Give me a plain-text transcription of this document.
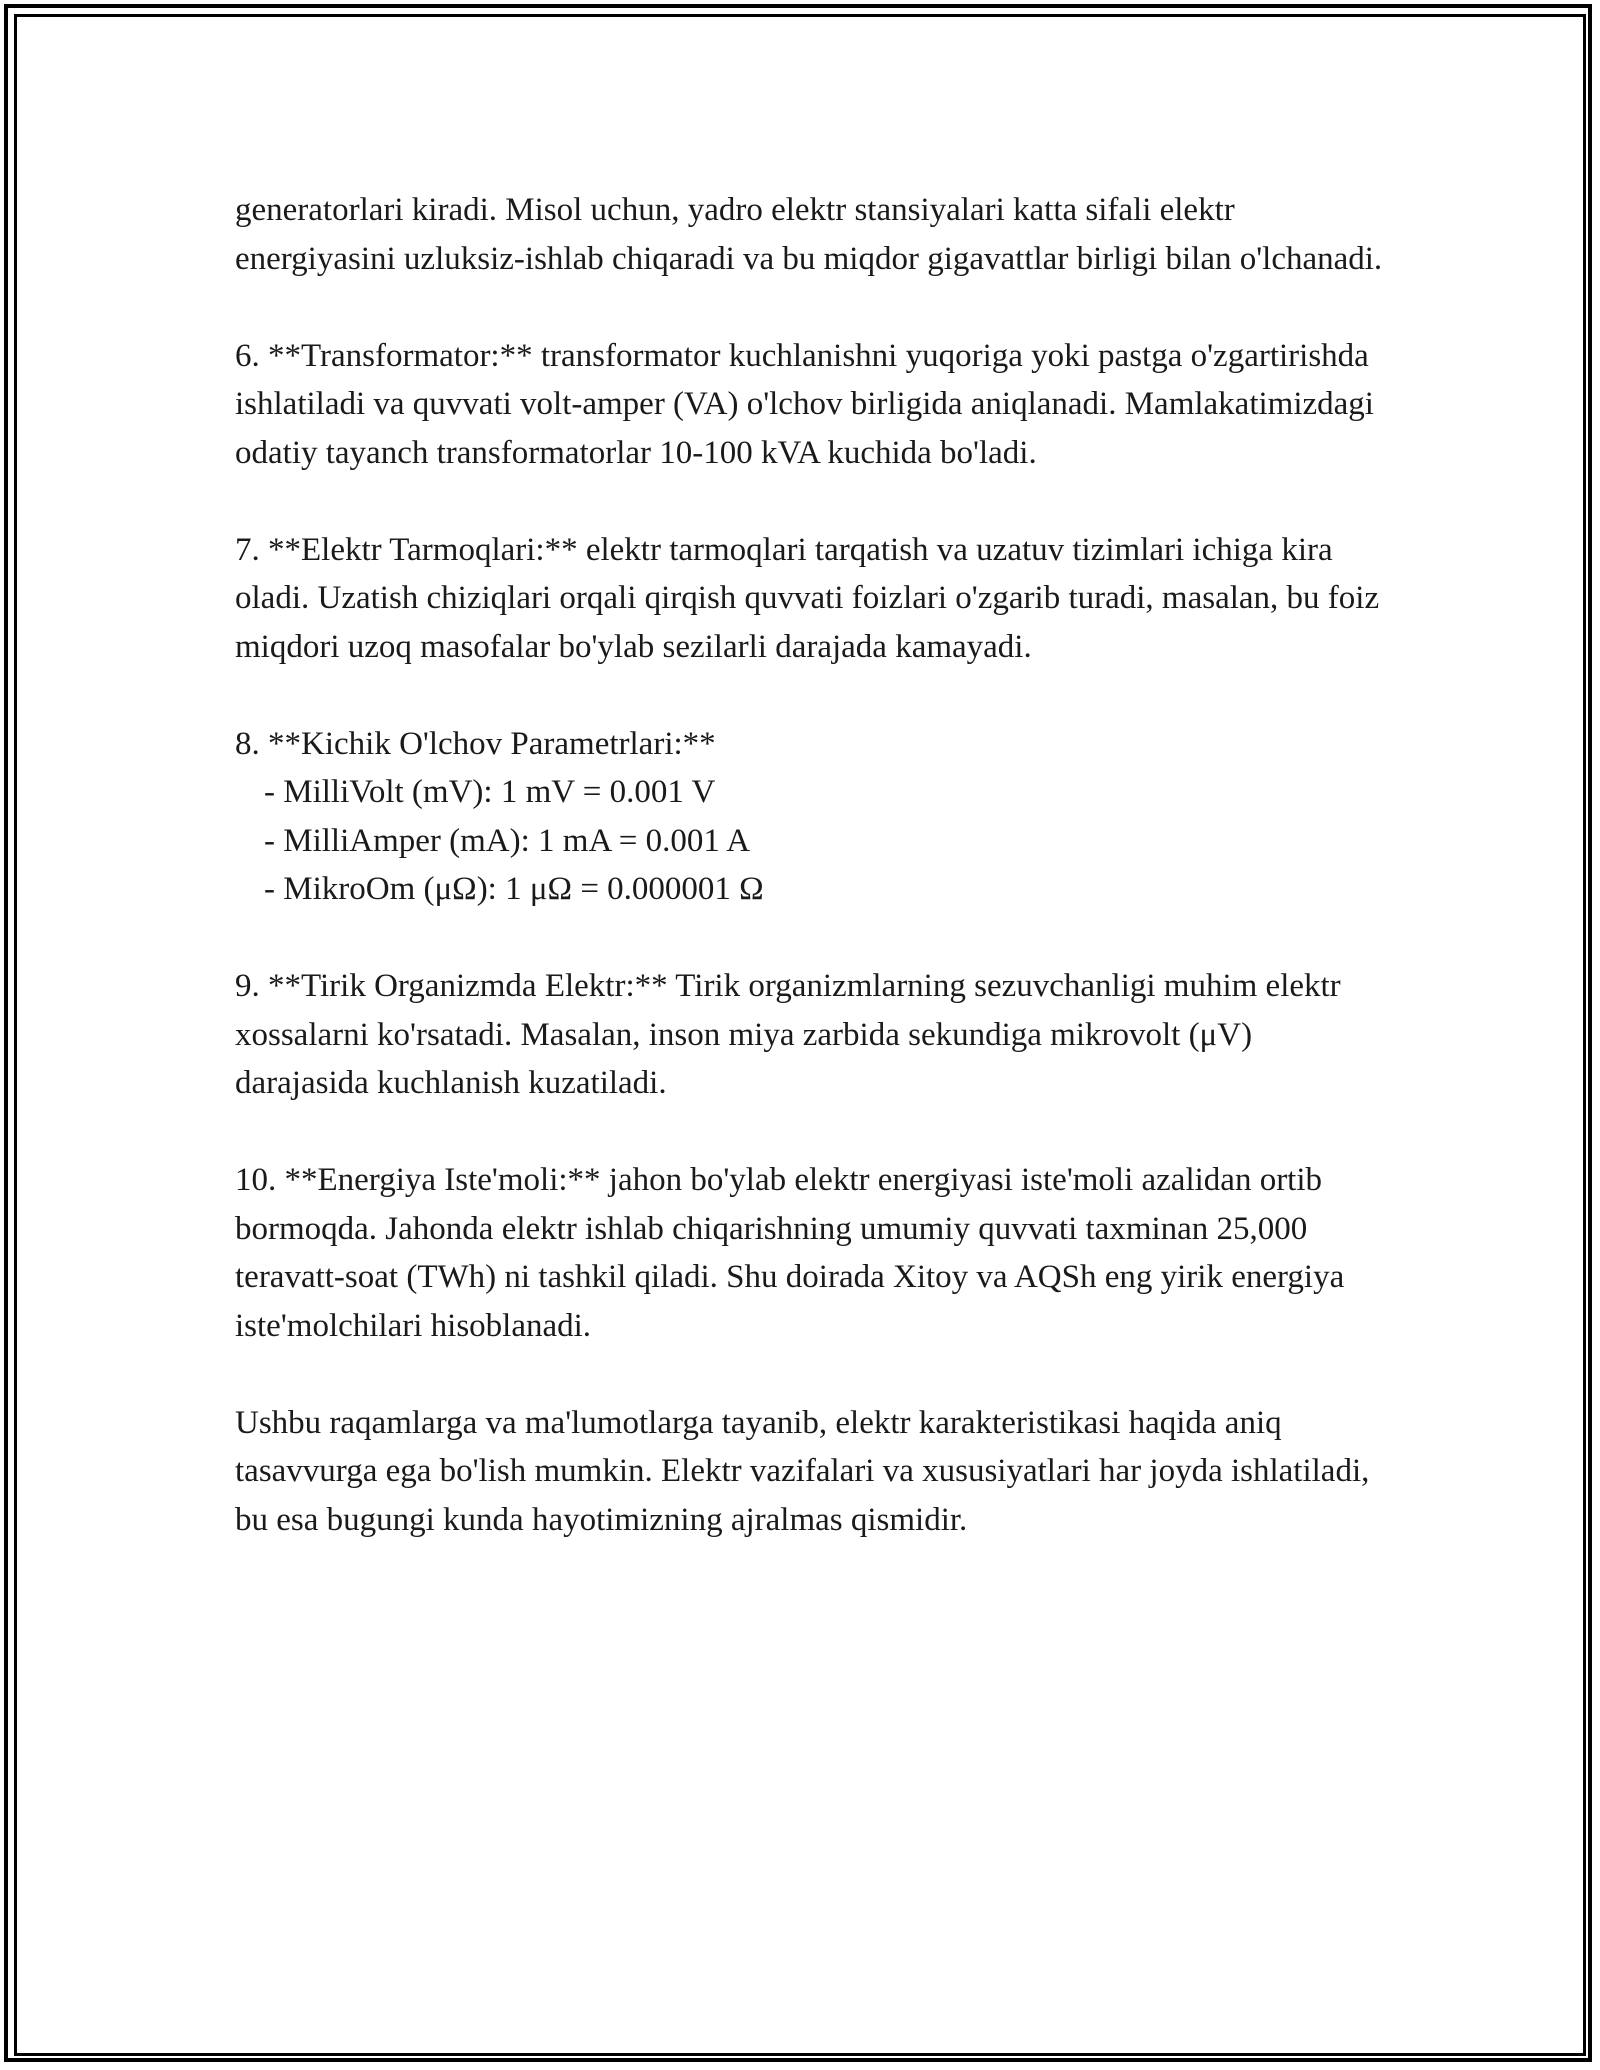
generatorlari kiradi. Misol uchun, yadro elektr stansiyalari katta sifali elektr energiyasini uzluksiz-ishlab chiqaradi va bu miqdor gigavattlar birligi bilan o'lchanadi.

6. **Transformator:** transformator kuchlanishni yuqoriga yoki pastga o'zgartirishda ishlatiladi va quvvati volt-amper (VA) o'lchov birligida aniqlanadi. Mamlakatimizdagi odatiy tayanch transformatorlar 10-100 kVA kuchida bo'ladi.

7. **Elektr Tarmoqlari:** elektr tarmoqlari tarqatish va uzatuv tizimlari ichiga kira oladi. Uzatish chiziqlari orqali qirqish quvvati foizlari o'zgarib turadi, masalan, bu foiz miqdori uzoq masofalar bo'ylab sezilarli darajada kamayadi.

8. **Kichik O'lchov Parametrlari:**

- MilliVolt (mV): 1 mV = 0.001 V
- MilliAmper (mA): 1 mA = 0.001 A
- MikroOm (μΩ): 1 μΩ = 0.000001 Ω

9. **Tirik Organizmda Elektr:** Tirik organizmlarning sezuvchanligi muhim elektr xossalarni ko'rsatadi. Masalan, inson miya zarbida sekundiga mikrovolt (μV) darajasida kuchlanish kuzatiladi.

10. **Energiya Iste'moli:** jahon bo'ylab elektr energiyasi iste'moli azalidan ortib bormoqda. Jahonda elektr ishlab chiqarishning umumiy quvvati taxminan 25,000 teravatt-soat (TWh) ni tashkil qiladi. Shu doirada Xitoy va AQSh eng yirik energiya iste'molchilari hisoblanadi.

Ushbu raqamlarga va ma'lumotlarga tayanib, elektr karakteristikasi haqida aniq tasavvurga ega bo'lish mumkin. Elektr vazifalari va xususiyatlari har joyda ishlatiladi, bu esa bugungi kunda hayotimizning ajralmas qismidir.
